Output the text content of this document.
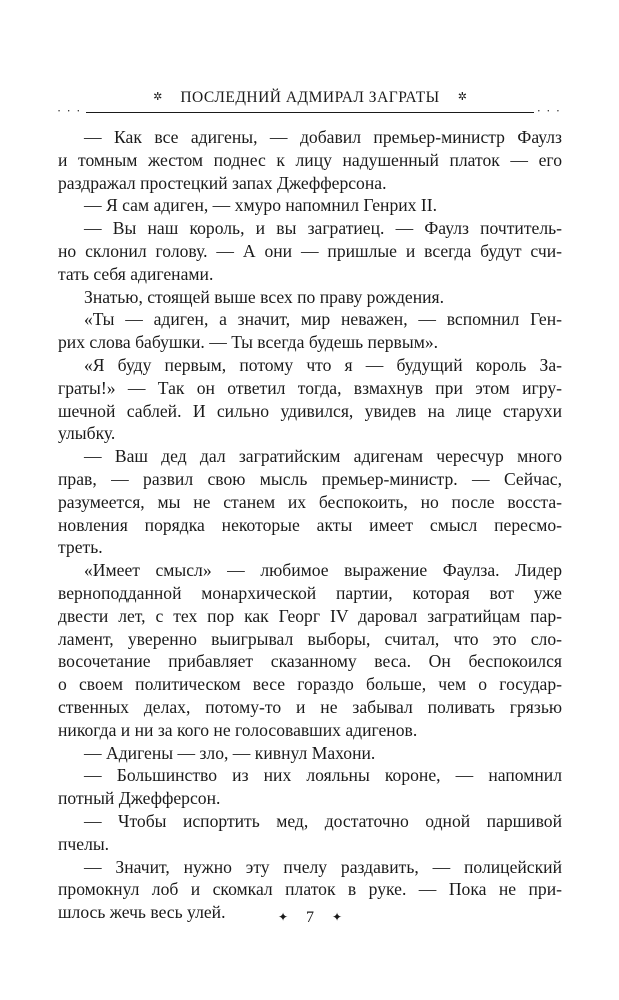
✲ ПОСЛЕДНИЙ АДМИРАЛ ЗАГРАТЫ ✲
• • •	• • •

— Как все адигены, — добавил премьер-министр Фаулз
и томным жестом поднес к лицу надушенный платок — его
раздражал простецкий запах Джефферсона.

— Я сам адиген, — хмуро напомнил Генрих II.

— Вы наш король, и вы загратиец. — Фаулз почтитель-
но склонил голову. — А они — пришлые и всегда будут счи-
тать себя адигенами.

Знатью, стоящей выше всех по праву рождения.

«Ты — адиген, а значит, мир неважен, — вспомнил Ген-
рих слова бабушки. — Ты всегда будешь первым».

«Я буду первым, потому что я — будущий король За-
граты!» — Так он ответил тогда, взмахнув при этом игру-
шечной саблей. И сильно удивился, увидев на лице старухи
улыбку.

— Ваш дед дал загратийским адигенам чересчур много
прав, — развил свою мысль премьер-министр. — Сейчас,
разумеется, мы не станем их беспокоить, но после восста-
новления порядка некоторые акты имеет смысл пересмо-
треть.

«Имеет смысл» — любимое выражение Фаулза. Лидер
верноподданной монархической партии, которая вот уже
двести лет, с тех пор как Георг IV даровал загратийцам пар-
ламент, уверенно выигрывал выборы, считал, что это сло-
восочетание прибавляет сказанному веса. Он беспокоился
о своем политическом весе гораздо больше, чем о государ-
ственных делах, потому-то и не забывал поливать грязью
никогда и ни за кого не голосовавших адигенов.

— Адигены — зло, — кивнул Махони.

— Большинство из них лояльны короне, — напомнил
потный Джефферсон.

— Чтобы испортить мед, достаточно одной паршивой
пчелы.

— Значит, нужно эту пчелу раздавить, — полицейский
промокнул лоб и скомкал платок в руке. — Пока не при-
шлось жечь весь улей.	✦ 7 ✦
